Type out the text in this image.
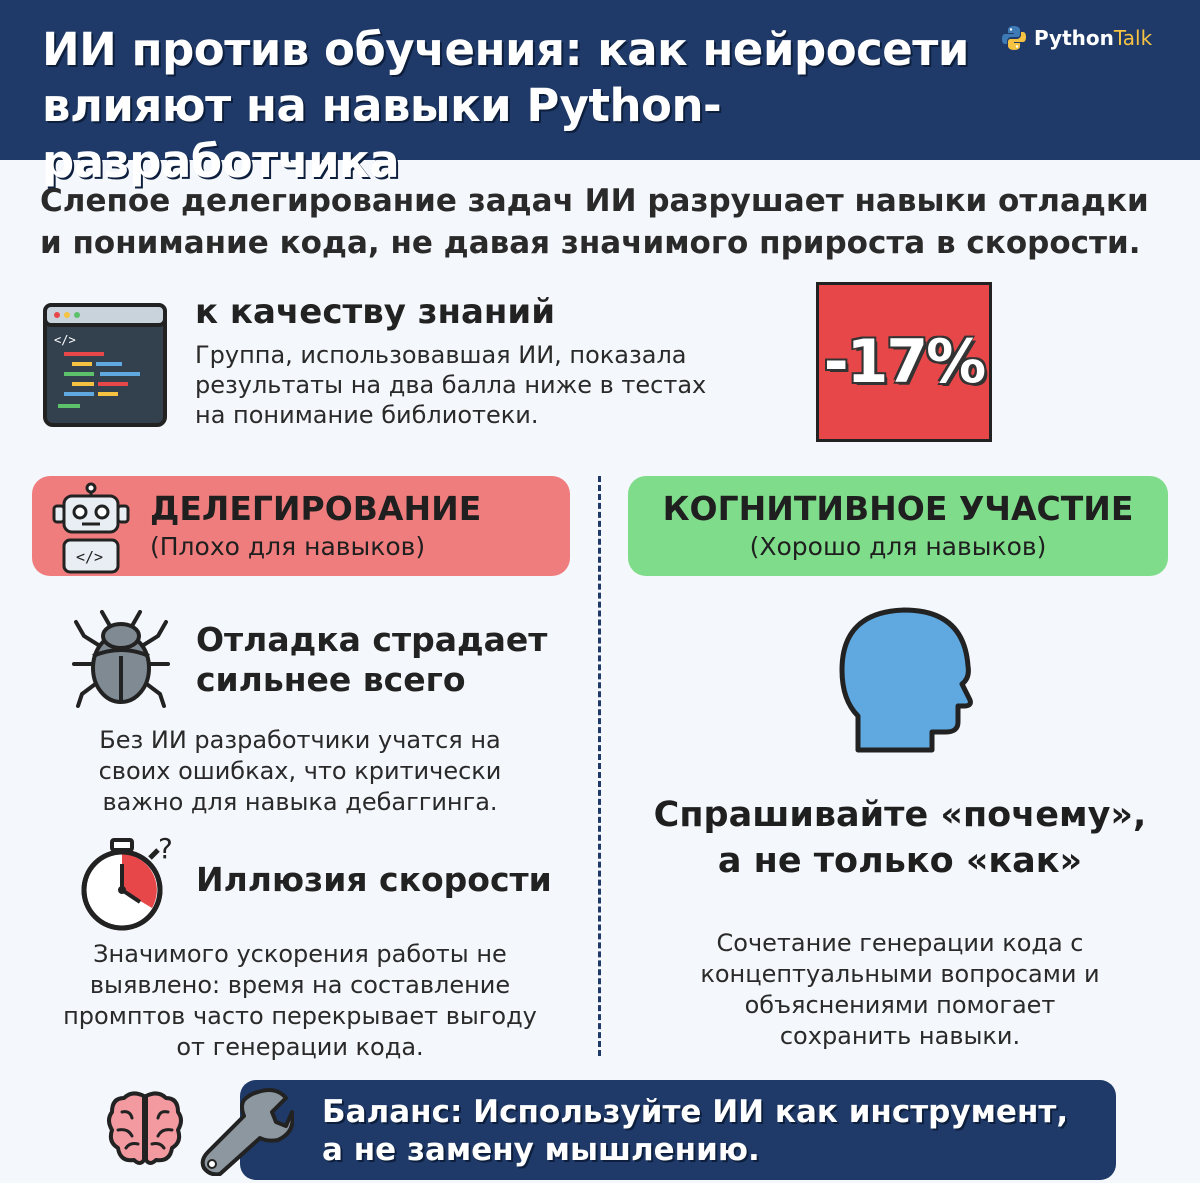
ИИ против обучения: как нейросети
влияют на навыки Python-разработчика
PythonTalk
Слепое делегирование задач ИИ разрушает навыки отладки
и понимание кода, не давая значимого прироста в скорости.
</>
к качеству знаний
Группа, использовавшая ИИ, показала
результаты на два балла ниже в тестах
на понимание библиотеки.
-17%
</>
ДЕЛЕГИРОВАНИЕ
(Плохо для навыков)
КОГНИТИВНОЕ УЧАСТИЕ
(Хорошо для навыков)
Отладка страдает
сильнее всего
Без ИИ разработчики учатся на
своих ошибках, что критически
важно для навыка дебаггинга.
?
Иллюзия скорости
Значимого ускорения работы не
выявлено: время на составление
промптов часто перекрывает выгоду
от генерации кода.
Спрашивайте «почему»,
а не только «как»
Сочетание генерации кода с
концептуальными вопросами и
объяснениями помогает
сохранить навыки.
Баланс: Используйте ИИ как инструмент,
а не замену мышлению.
